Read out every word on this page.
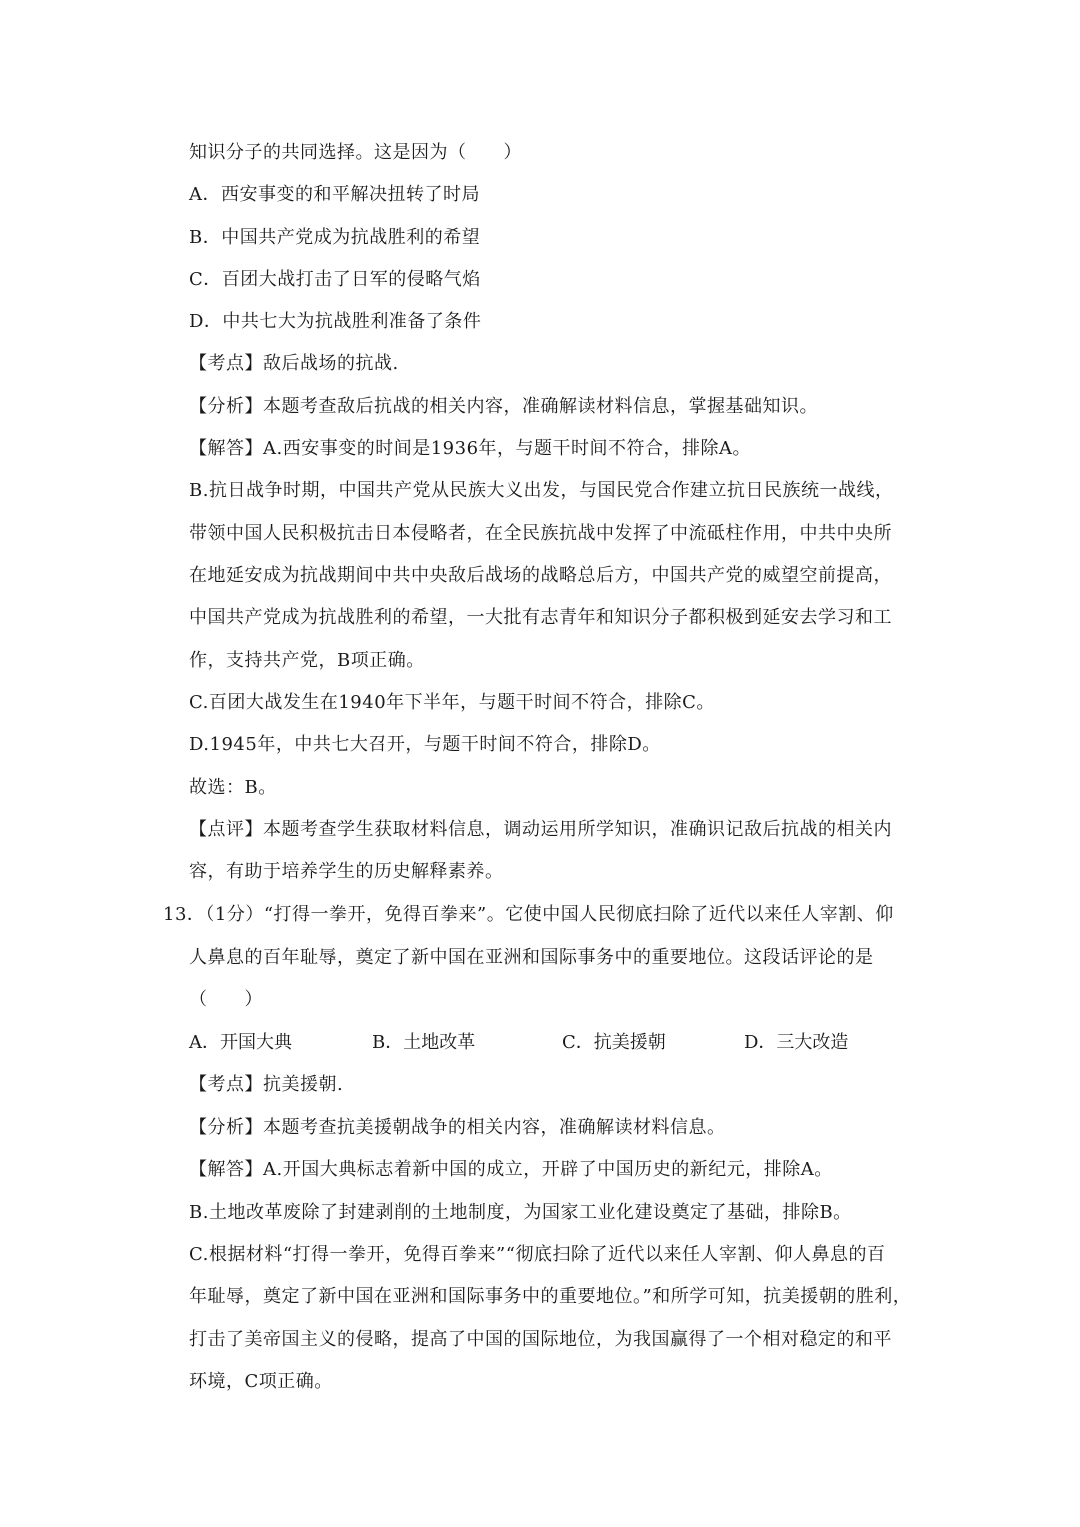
知识分子的共同选择。这是因为（　　）
A．西安事变的和平解决扭转了时局
B．中国共产党成为抗战胜利的希望
C．百团大战打击了日军的侵略气焰
D．中共七大为抗战胜利准备了条件
【考点】敌后战场的抗战.
【分析】本题考查敌后抗战的相关内容，准确解读材料信息，掌握基础知识。
【解答】A.西安事变的时间是1936年，与题干时间不符合，排除A。
B.抗日战争时期，中国共产党从民族大义出发，与国民党合作建立抗日民族统一战线，
带领中国人民积极抗击日本侵略者，在全民族抗战中发挥了中流砥柱作用，中共中央所
在地延安成为抗战期间中共中央敌后战场的战略总后方，中国共产党的威望空前提高，
中国共产党成为抗战胜利的希望，一大批有志青年和知识分子都积极到延安去学习和工
作，支持共产党，B项正确。
C.百团大战发生在1940年下半年，与题干时间不符合，排除C。
D.1945年，中共七大召开，与题干时间不符合，排除D。
故选：B。
【点评】本题考查学生获取材料信息，调动运用所学知识，准确识记敌后抗战的相关内
容，有助于培养学生的历史解释素养。
13．（1分）“打得一拳开，免得百拳来”。它使中国人民彻底扫除了近代以来任人宰割、仰
人鼻息的百年耻辱，奠定了新中国在亚洲和国际事务中的重要地位。这段话评论的是
（　　）
A．开国大典	B．土地改革	C．抗美援朝	D．三大改造
【考点】抗美援朝.
【分析】本题考查抗美援朝战争的相关内容，准确解读材料信息。
【解答】A.开国大典标志着新中国的成立，开辟了中国历史的新纪元，排除A。
B.土地改革废除了封建剥削的土地制度，为国家工业化建设奠定了基础，排除B。
C.根据材料“打得一拳开，免得百拳来”“彻底扫除了近代以来任人宰割、仰人鼻息的百
年耻辱，奠定了新中国在亚洲和国际事务中的重要地位。”和所学可知，抗美援朝的胜利，
打击了美帝国主义的侵略，提高了中国的国际地位，为我国赢得了一个相对稳定的和平
环境，C项正确。
